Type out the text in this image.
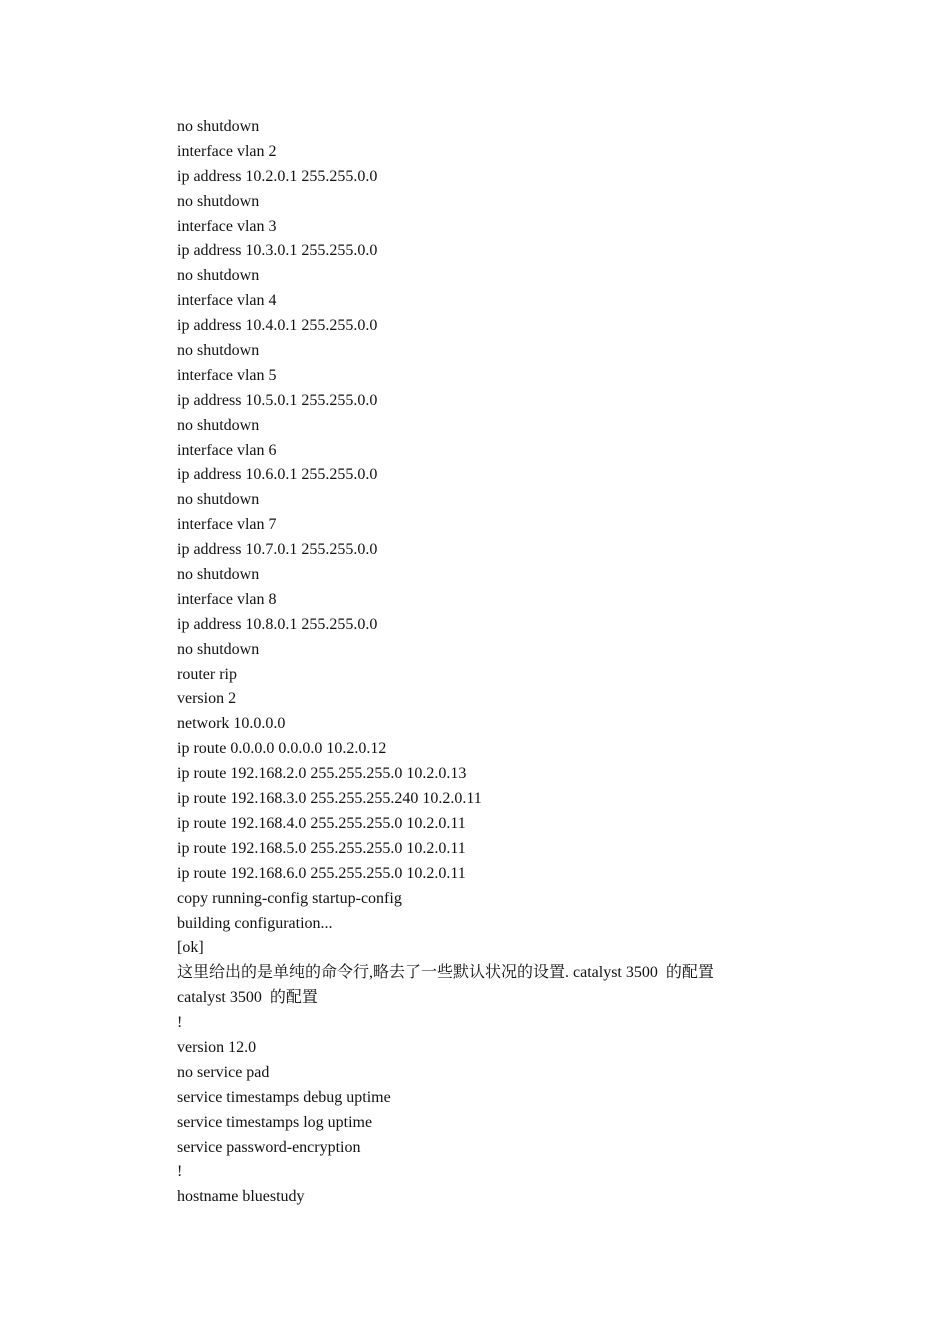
no shutdown
interface vlan 2
ip address 10.2.0.1 255.255.0.0
no shutdown
interface vlan 3
ip address 10.3.0.1 255.255.0.0
no shutdown
interface vlan 4
ip address 10.4.0.1 255.255.0.0
no shutdown
interface vlan 5
ip address 10.5.0.1 255.255.0.0
no shutdown
interface vlan 6
ip address 10.6.0.1 255.255.0.0
no shutdown
interface vlan 7
ip address 10.7.0.1 255.255.0.0
no shutdown
interface vlan 8
ip address 10.8.0.1 255.255.0.0
no shutdown
router rip
version 2
network 10.0.0.0
ip route 0.0.0.0 0.0.0.0 10.2.0.12
ip route 192.168.2.0 255.255.255.0 10.2.0.13
ip route 192.168.3.0 255.255.255.240 10.2.0.11
ip route 192.168.4.0 255.255.255.0 10.2.0.11
ip route 192.168.5.0 255.255.255.0 10.2.0.11
ip route 192.168.6.0 255.255.255.0 10.2.0.11
copy running-config startup-config
building configuration...
[ok]
这里给出的是单纯的命令行,略去了一些默认状况的设置. catalyst 3500  的配置
catalyst 3500  的配置
!
version 12.0
no service pad
service timestamps debug uptime
service timestamps log uptime
service password-encryption
!
hostname bluestudy
